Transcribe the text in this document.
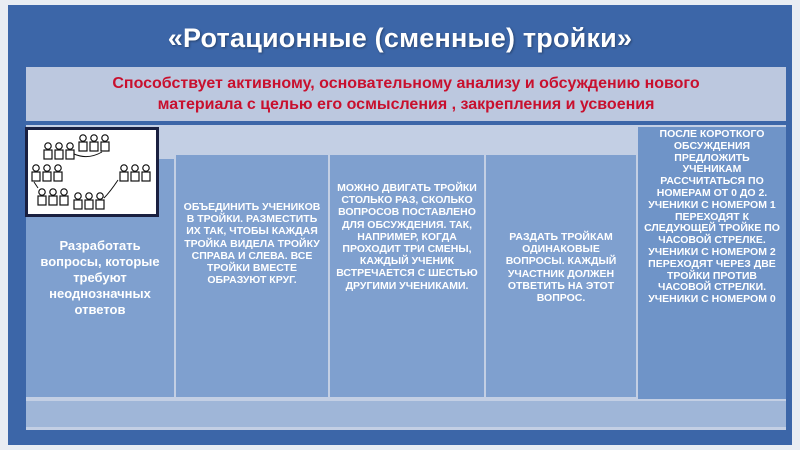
«Ротационные (сменные) тройки»
Способствует активному, основательному анализу и обсуждению нового
материала с целью его осмысления , закрепления и усвоения
Разработать вопросы, которые требуют неоднозначных ответов
ОБЪЕДИНИТЬ УЧЕНИКОВ В ТРОЙКИ. РАЗМЕСТИТЬ ИХ ТАК, ЧТОБЫ КАЖДАЯ ТРОЙКА ВИДЕЛА ТРОЙКУ СПРАВА И СЛЕВА. ВСЕ ТРОЙКИ ВМЕСТЕ ОБРАЗУЮТ КРУГ.
МОЖНО ДВИГАТЬ ТРОЙКИ СТОЛЬКО РАЗ, СКОЛЬКО ВОПРОСОВ ПОСТАВЛЕНО ДЛЯ ОБСУЖДЕНИЯ. ТАК, НАПРИМЕР, КОГДА ПРОХОДИТ ТРИ СМЕНЫ, КАЖДЫЙ УЧЕНИК ВСТРЕЧАЕТСЯ С ШЕСТЬЮ ДРУГИМИ УЧЕНИКАМИ.
РАЗДАТЬ ТРОЙКАМ ОДИНАКОВЫЕ ВОПРОСЫ. КАЖДЫЙ УЧАСТНИК ДОЛЖЕН ОТВЕТИТЬ НА ЭТОТ ВОПРОС.
ПОСЛЕ КОРОТКОГО ОБСУЖДЕНИЯ ПРЕДЛОЖИТЬ УЧЕНИКАМ РАССЧИТАТЬСЯ ПО НОМЕРАМ ОТ 0 ДО 2. УЧЕНИКИ С НОМЕРОМ 1 ПЕРЕХОДЯТ К СЛЕДУЮЩЕЙ ТРОЙКЕ ПО ЧАСОВОЙ СТРЕЛКЕ. УЧЕНИКИ С НОМЕРОМ 2 ПЕРЕХОДЯТ ЧЕРЕЗ ДВЕ ТРОЙКИ ПРОТИВ ЧАСОВОЙ СТРЕЛКИ. УЧЕНИКИ С НОМЕРОМ 0
